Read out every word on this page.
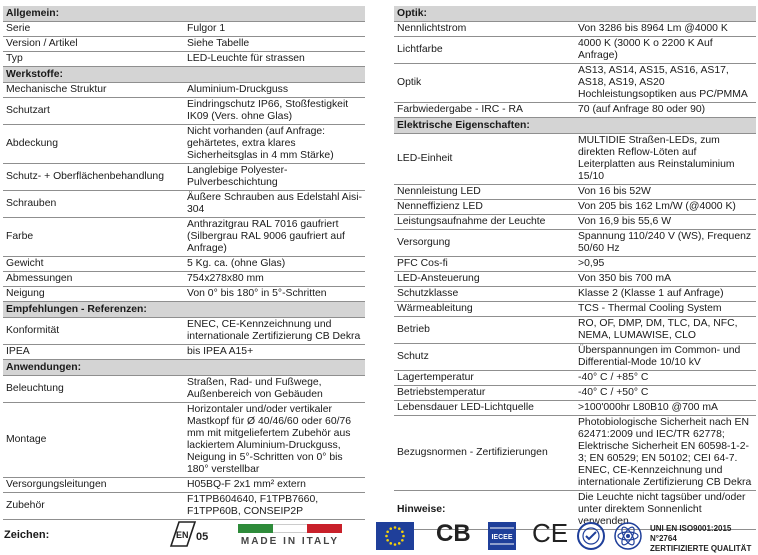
Allgemein:	
Serie	Fulgor 1
Version / Artikel	Siehe Tabelle
Typ	LED-Leuchte für strassen
Werkstoffe:	
Mechanische Struktur	Aluminium-Druckguss
Schutzart	Eindringschutz IP66, Stoßfestigkeit IK09 (Vers. ohne Glas)
Abdeckung	Nicht vorhanden (auf Anfrage: gehärtetes, extra klares Sicherheitsglas in 4 mm Stärke)
Schutz- + Oberflächenbehandlung	Langlebige Polyester-Pulverbeschichtung
Schrauben	Äußere Schrauben aus Edelstahl Aisi-304
Farbe	Anthrazitgrau RAL 7016 gaufriert (Silbergrau RAL 9006 gaufriert auf Anfrage)
Gewicht	5 Kg. ca. (ohne Glas)
Abmessungen	754x278x80 mm
Neigung	Von 0° bis 180° in 5°-Schritten
Empfehlungen - Referenzen:	
Konformität	ENEC, CE-Kennzeichnung und internationale Zertifizierung CB Dekra
IPEA	bis IPEA A15+
Anwendungen:	
Beleuchtung	Straßen, Rad- und Fußwege, Außenbereich von Gebäuden
Montage	Horizontaler und/oder vertikaler Mastkopf für Ø 40/46/60 oder 60/76 mm mit mitgeliefertem Zubehör aus lackiertem Aluminium-Druckguss, Neigung in 5°-Schritten von 0° bis 180° verstellbar
Versorgungsleitungen	H05BQ-F 2x1 mm² extern
Zubehör	F1TPB604640, F1TPB7660, F1TPP60B, CONSEIP2P
Optik:	
Nennlichtstrom	Von 3286 bis 8964 Lm @4000 K
Lichtfarbe	4000 K (3000 K o 2200 K Auf Anfrage)
Optik	AS13, AS14, AS15, AS16, AS17, AS18, AS19, AS20 Hochleistungsoptiken aus PC/PMMA
Farbwiedergabe - IRC - RA	70 (auf Anfrage 80 oder 90)
Elektrische Eigenschaften:	
LED-Einheit	MULTIDIE Straßen-LEDs, zum direkten Reflow-Löten auf Leiterplatten aus Reinstaluminium 15/10
Nennleistung LED	Von 16 bis 52W
Nenneffizienz LED	Von 205 bis 162 Lm/W (@4000 K)
Leistungsaufnahme der Leuchte	Von 16,9 bis 55,6 W
Versorgung	Spannung 110/240 V (WS), Frequenz 50/60 Hz
PFC Cos-fi	>0,95
LED-Ansteuerung	Von 350 bis 700 mA
Schutzklasse	Klasse 2 (Klasse 1 auf Anfrage)
Wärmeableitung	TCS - Thermal Cooling System
Betrieb	RO, OF, DMP, DM, TLC, DA, NFC, NEMA, LUMAWISE, CLO
Schutz	Überspannungen im Common- und Differential-Mode 10/10 kV
Lagertemperatur	-40° C / +85° C
Betriebstemperatur	-40° C / +50° C
Lebensdauer LED-Lichtquelle	>100'000hr L80B10 @700 mA
Bezugsnormen - Zertifizierungen	Photobiologische Sicherheit nach EN 62471:2009 und IEC/TR 62778; Elektrische Sicherheit EN 60598-1-2-3; EN 60529; EN 50102; CEI 64-7. ENEC, CE-Kennzeichnung und internationale Zertifizierung CB Dekra
Hinweise:	Die Leuchte nicht tagsüber und/oder unter direktem Sonnenlicht verwenden.
Zeichen:	EN 05	MADE IN ITALY	CB	IECEE CE	UNI EN ISO9001:2015 N°2764
ZERTIFIZIERTE QUALITÄT
